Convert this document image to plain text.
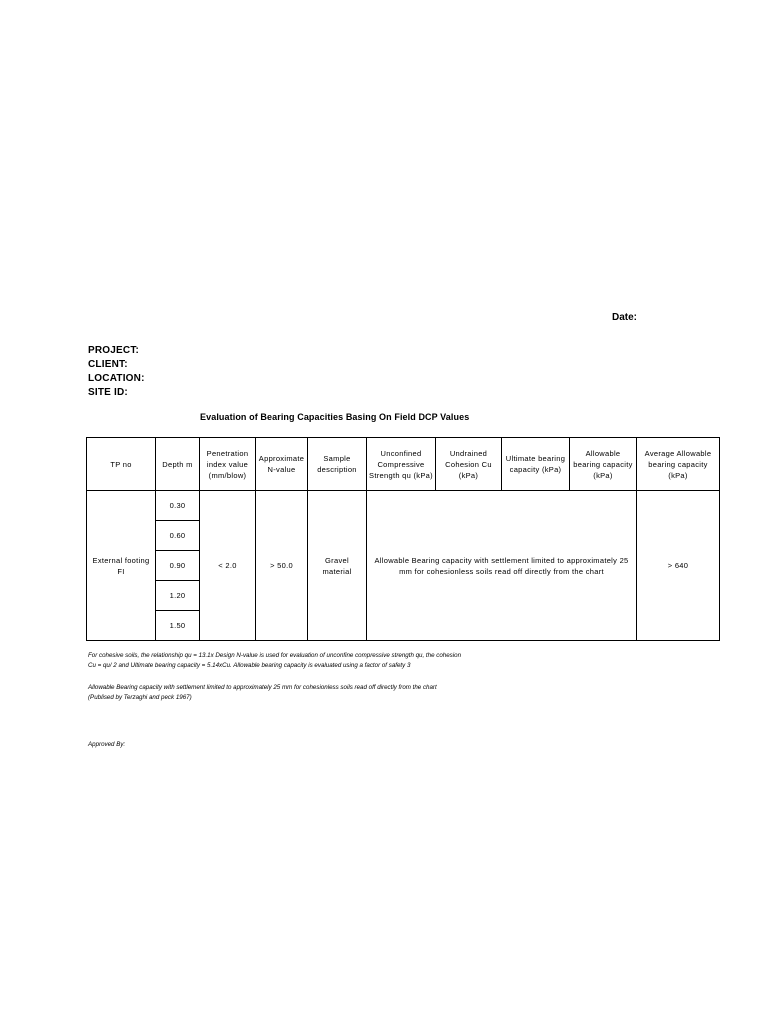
Date:
PROJECT:
CLIENT:
LOCATION:
SITE ID:
Evaluation of Bearing Capacities Basing On Field DCP Values
TP no	Depth m	Penetration index value (mm/blow)	Approximate N-value	Sample description	Unconfined Compressive Strength qu (kPa)	Undrained Cohesion Cu (kPa)	Ultimate bearing capacity (kPa)	Allowable bearing capacity (kPa)	Average Allowable bearing capacity (kPa)
External footing FI	0.30	< 2.0	> 50.0	Gravel material	Allowable Bearing capacity with settlement limited to approximately 25 mm for cohesionless soils read off directly from the chart				> 640
	0.60								
	0.90								
	1.20								
	1.50								
For cohesive soils, the relationship qu = 13.1x Design N-value is used for evaluation of unconfine compressive strength qu, the cohesion
Cu = qu/ 2 and Ultimate bearing capacity = 5.14xCu. Allowable bearing capacity is evaluated using a factor of safety 3
Allowable Bearing capacity with settlement limited to approximately 25 mm for cohesionless soils read off directly from the chart
(Publised by Terzaghi and peck 1967)
Approved By:
